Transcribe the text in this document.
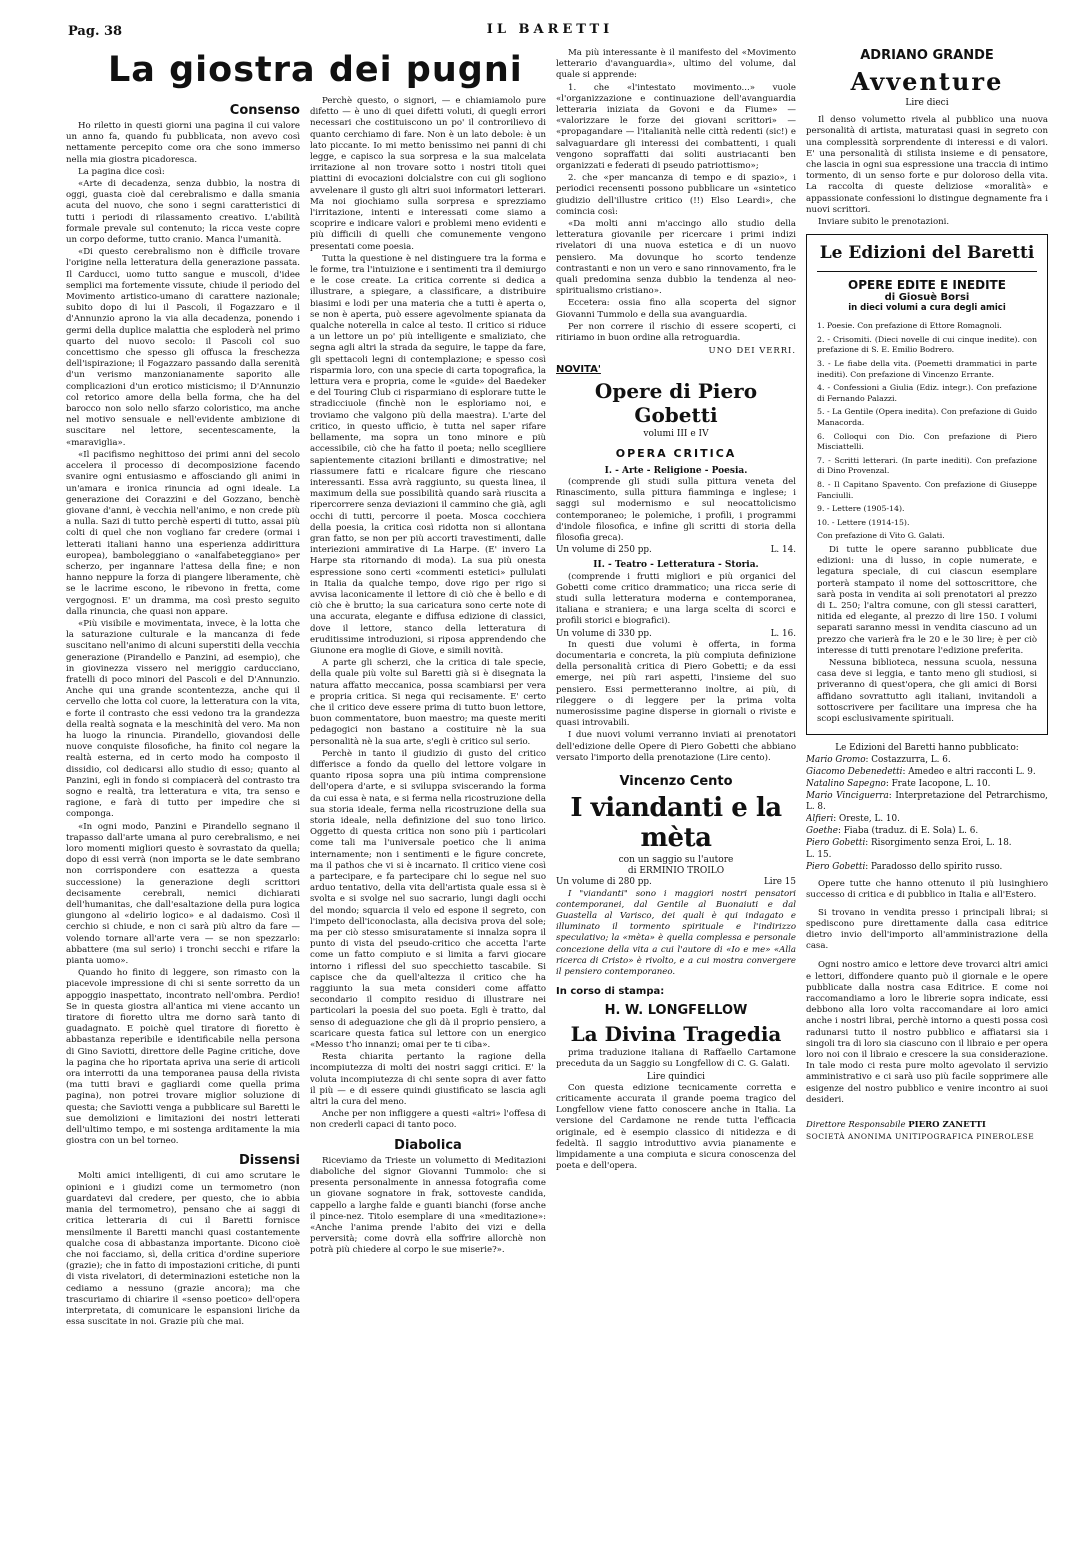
Pag. 38	IL BARETTI
La giostra dei pugni
Consenso

Ho riletto in questi giorni una pagina il cui valore un anno fa, quando fu pubblicata, non avevo così nettamente percepito come ora che sono immerso nella mia giostra picadoresca.

La pagina dice così:

«Arte di decadenza, senza dubbio, la nostra di oggi, guasta cioè dal cerebralismo e dalla smania acuta del nuovo, che sono i segni caratteristici di tutti i periodi di rilassamento creativo. L'abilità formale prevale sul contenuto; la ricca veste copre un corpo deforme, tutto cranio. Manca l'umanità.

«Di questo cerebralismo non è difficile trovare l'origine nella letteratura della generazione passata. Il Carducci, uomo tutto sangue e muscoli, d'idee semplici ma fortemente vissute, chiude il periodo del Movimento artistico-umano di carattere nazionale; subito dopo di lui il Pascoli, il Fogazzaro e il d'Annunzio aprono la via alla decadenza, ponendo i germi della duplice malattia che esploderà nel primo quarto del nuovo secolo: il Pascoli col suo concettismo che spesso gli offusca la freschezza dell'ispirazione; il Fogazzaro passando dalla serenità d'un verismo manzonianamente saporito alle complicazioni d'un erotico misticismo; il D'Annunzio col retorico amore della bella forma, che ha del barocco non solo nello sfarzo coloristico, ma anche nel motivo sensuale e nell'evidente ambizione di suscitare nel lettore, secentescamente, la «maraviglia».

«Il pacifismo neghittoso dei primi anni del secolo accelera il processo di decomposizione facendo svanire ogni entusiasmo e affosciando gli animi in un'amara e ironica rinuncia ad ogni ideale. La generazione dei Corazzini e del Gozzano, benchè giovane d'anni, è vecchia nell'animo, e non crede più a nulla. Sazi di tutto perchè esperti di tutto, assai più colti di quel che non vogliano far credere (ormai i letterati italiani hanno una esperienza addirittura europea), bamboleggiano o «analfabeteggiano» per scherzo, per ingannare l'attesa della fine; e non hanno neppure la forza di piangere liberamente, chè se le lacrime escono, le ribevono in fretta, come vergognosi. E' un dramma, ma così presto seguito dalla rinuncia, che quasi non appare.

«Più visibile e movimentata, invece, è la lotta che la saturazione culturale e la mancanza di fede suscitano nell'animo di alcuni superstiti della vecchia generazione (Pirandello e Panzini, ad esempio), che in giovinezza vissero nel meriggio carducciano, fratelli di poco minori del Pascoli e del D'Annunzio. Anche qui una grande scontentezza, anche qui il cervello che lotta col cuore, la letteratura con la vita, e forte il contrasto che essi vedono tra la grandezza della realtà sognata e la meschinità del vero. Ma non ha luogo la rinuncia. Pirandello, giovandosi delle nuove conquiste filosofiche, ha finito col negare la realtà esterna, ed in certo modo ha composto il dissidio, col dedicarsi allo studio di esso; quanto al Panzini, egli in fondo si compiacerà del contrasto tra sogno e realtà, tra letteratura e vita, tra senso e ragione, e farà di tutto per impedire che si componga.

«In ogni modo, Panzini e Pirandello segnano il trapasso dall'arte umana al puro cerebralismo, e nei loro momenti migliori questo è sovrastato da quella; dopo di essi verrà (non importa se le date sembrano non corrispondere con esattezza a questa successione) la generazione degli scrittori decisamente cerebrali, nemici dichiarati dell'humanitas, che dall'esaltazione della pura logica giungono al «delirio logico» e al dadaismo. Così il cerchio si chiude, e non ci sarà più altro da fare — volendo tornare all'arte vera — se non spezzarlo: abbattere (ma sul serio) i tronchi secchi e rifare la pianta uomo».

Quando ho finito di leggere, son rimasto con la piacevole impressione di chi si sente sorretto da un appoggio inaspettato, incontrato nell'ombra. Perdio! Se in questa giostra all'antica mi viene accanto un tiratore di fioretto ultra me dorno sarà tanto di guadagnato. E poichè quel tiratore di fioretto è abbastanza reperibile e identificabile nella persona di Gino Saviotti, direttore delle Pagine critiche, dove la pagina che ho riportata apriva una serie di articoli ora interrotti da una temporanea pausa della rivista (ma tutti bravi e gagliardi come quella prima pagina), non potrei trovare miglior soluzione di questa; che Saviotti venga a pubblicare sul Baretti le sue demolizioni e limitazioni dei nostri letterati dell'ultimo tempo, e mi sostenga arditamente la mia giostra con un bel torneo.

Dissensi

Molti amici intelligenti, di cui amo scrutare le opinioni e i giudizi come un termometro (non guardatevi dal credere, per questo, che io abbia mania del termometro), pensano che ai saggi di critica letteraria di cui il Baretti fornisce mensilmente il Baretti manchi quasi costantemente qualche cosa di abbastanza importante. Dicono cioè che noi facciamo, sì, della critica d'ordine superiore (grazie); che in fatto di impostazioni critiche, di punti di vista rivelatori, di determinazioni estetiche non la cediamo a nessuno (grazie ancora); ma che trascuriamo di chiarire il «senso poetico» dell'opera interpretata, di comunicare le espansioni liriche da essa suscitate in noi. Grazie più che mai.

Perchè questo, o signori, — e chiamiamolo pure difetto — è uno di quei difetti voluti, di quegli errori necessari che costituiscono un po' il controrilievo di quanto cerchiamo di fare. Non è un lato debole: è un lato piccante. Io mi metto benissimo nei panni di chi legge, e capisco la sua sorpresa e la sua malcelata irritazione al non trovare sotto i nostri titoli quei piattini di evocazioni dolcialstre con cui gli sogliono avvelenare il gusto gli altri suoi informatori letterari. Ma noi giochiamo sulla sorpresa e sprezziamo l'irritazione, intenti e interessati come siamo a scoprire e indicare valori e problemi meno evidenti e più difficili di quelli che comunemente vengono presentati come poesia.

Tutta la questione è nel distinguere tra la forma e le forme, tra l'intuizione e i sentimenti tra il demiurgo e le cose create. La critica corrente si dedica a illustrare, a spiegare, a classificare, a distribuire biasimi e lodi per una materia che a tutti è aperta o, se non è aperta, può essere agevolmente spianata da qualche noterella in calce al testo. Il critico si riduce a un lettore un po' più intelligente e smaliziato, che segna agli altri la strada da seguire, le tappe da fare, gli spettacoli legni di contemplazione; e spesso così risparmia loro, con una specie di carta topografica, la lettura vera e propria, come le «guide» del Baedeker e del Touring Club ci risparmiano di esplorare tutte le stradicciuole (finchè non le esploriamo noi, e troviamo che valgono più della maestra). L'arte del critico, in questo ufficio, è tutta nel saper rifare bellamente, ma sopra un tono minore e più accessibile, ciò che ha fatto il poeta; nello sceglliere sapientemente citazioni brillanti e dimostrative; nel riassumere fatti e ricalcare figure che riescano interessanti. Essa avrà raggiunto, su questa linea, il maximum della sue possibilità quando sarà riuscita a ripercorrere senza deviazioni il cammino che già, agli occhi di tutti, percorre il poeta. Mosca cocchiera della poesia, la critica così ridotta non si allontana gran fatto, se non per più accorti travestimenti, dalle interiezioni ammirative di La Harpe. (E' invero La Harpe sta ritornando di moda). La sua più onesta espressione sono certi «commenti estetici» pullulati in Italia da qualche tempo, dove rigo per rigo si avvisa laconicamente il lettore di ciò che è bello e di ciò che è brutto; la sua caricatura sono certe note di una accurata, elegante e diffusa edizione di classici, dove il lettore, stanco della letteratura di eruditissime introduzioni, si riposa apprendendo che Giunone era moglie di Giove, e simili novità.

A parte gli scherzi, che la critica di tale specie, della quale più volte sul Baretti già si è disegnata la natura affatto meccanica, possa scambiarsi per vera e propria critica. Si nega qui recisamente. E' certo che il critico deve essere prima di tutto buon lettore, buon commentatore, buon maestro; ma queste meriti pedagogici non bastano a costituire nè la sua personalità nè la sua arte, s'egli è critico sul serio.

Perchè in tanto il giudizio di gusto del critico differisce a fondo da quello del lettore volgare in quanto riposa sopra una più intima comprensione dell'opera d'arte, e si sviluppa sviscerando la forma da cui essa è nata, e si ferma nella ricostruzione della sua storia ideale, ferma nella ricostruzione della sua storia ideale, nella definizione del suo tono lirico. Oggetto di questa critica non sono più i particolari come tali ma l'universale poetico che li anima internamente; non i sentimenti e le figure concrete, ma il pathos che vi si è incarnato. Il critico viene così a partecipare, e fa partecipare chi lo segue nel suo arduo tentativo, della vita dell'artista quale essa si è svolta e si svolge nel suo sacrario, lungi dagli occhi del mondo; squarcia il velo ed espone il segreto, con l'impeto dell'iconoclasta, alla decisiva prova del sole; ma per ciò stesso smisuratamente si innalza sopra il punto di vista del pseudo-critico che accetta l'arte come un fatto compiuto e si limita a farvi giocare intorno i riflessi del suo specchietto tascabile. Si capisce che da quell'altezza il critico che ha raggiunto la sua meta consideri come affatto secondario il compito residuo di illustrare nei particolari la poesia del suo poeta. Egli è tratto, dal senso di adeguazione che gli dà il proprio pensiero, a scaricare questa fatica sul lettore con un energico «Messo t'ho innanzi; omai per te ti ciba».

Resta chiarita pertanto la ragione della incompiutezza di molti dei nostri saggi critici. E' la voluta incompiutezza di chi sente sopra di aver fatto il più — e di essere quindi giustificato se lascia agli altri la cura del meno.

Anche per non infliggere a questi «altri» l'offesa di non crederli capaci di tanto poco.

Diabolica

Riceviamo da Trieste un volumetto di Meditazioni diaboliche del signor Giovanni Tummolo: che si presenta personalmente in annessa fotografia come un giovane sognatore in frak, sottoveste candida, cappello a larghe falde e guanti bianchi (forse anche il pince-nez. Titolo esemplare di una «meditazione»: «Anche l'anima prende l'abito dei vizi e della perversità; come dovrà ella soffrire allorchè non potrà più chiedere al corpo le sue miserie?».

Ma più interessante è il manifesto del «Movimento letterario d'avanguardia», ultimo del volume, dal quale si apprende:

1. che «l'intestato movimento...» vuole «l'organizzazione e continuazione dell'avanguardia letteraria iniziata da Govoni e da Fiume» — «valorizzare le forze dei giovani scrittori» — «propagandare — l'italianità nelle città redenti (sic!) e salvaguardare gli interessi dei combattenti, i quali vengono sopraffatti dai soliti austriacanti ben organizzati e federati di pseudo patriottismo»;

2. che «per mancanza di tempo e di spazio», i periodici recensenti possono pubblicare un «sintetico giudizio dell'illustre critico (!!) Elso Leardi», che comincia così:

«Da molti anni m'accingo allo studio della letteratura giovanile per ricercare i primi indizi rivelatori di una nuova estetica e di un nuovo pensiero. Ma dovunque ho scorto tendenze contrastanti e non un vero e sano rinnovamento, fra le quali predomina senza dubbio la tendenza al neo-spiritualismo cristiano».

Eccetera: ossia fino alla scoperta del signor Giovanni Tummolo e della sua avanguardia.

Per non correre il rischio di essere scoperti, ci ritiriamo in buon ordine alla retroguardia.

UNO DEI VERRI.
NOVITA'
Opere di Piero Gobetti
volumi III e IV
OPERA CRITICA
I. - Arte - Religione - Poesia.

(comprende gli studi sulla pittura veneta del Rinascimento, sulla pittura fiamminga e inglese; i saggi sul modernismo e sul neocattolicismo contemporaneo; le polemiche, i profili, i programmi d'indole filosofica, e infine gli scritti di storia della filosofia greca).

Un volume di 250 pp.	L. 14.
II. - Teatro - Letteratura - Storia.

(comprende i frutti migliori e più organici del Gobetti come critico drammatico; una ricca serie di studi sulla letteratura moderna e contemporanea, italiana e straniera; e una larga scelta di scorci e profili storici e biografici).

Un volume di 330 pp.	L. 16.

In questi due volumi è offerta, in forma documentaria e concreta, la più compiuta definizione della personalità critica di Piero Gobetti; e da essi emerge, nei più rari aspetti, l'insieme del suo pensiero. Essi permetteranno inoltre, ai più, di rileggere o di leggere per la prima volta numerosissime pagine disperse in giornali o riviste e quasi introvabili.

I due nuovi volumi verranno inviati ai prenotatori dell'edizione delle Opere di Piero Gobetti che abbiano versato l'importo della prenotazione (Lire cento).

Vincenzo Cento
I viandanti e la mèta
con un saggio su l'autore
di ERMINIO TROILO
Un volume di 280 pp.	Lire 15

I "viandanti" sono i maggiori nostri pensatori contemporanei, dal Gentile al Buonaiuti e dal Guastella al Varisco, dei quali è qui indagato e illuminato il tormento spirituale e l'indirizzo speculativo; la «mèta» è quella complessa e personale concezione della vita a cui l'autore di «Io e me» «Alla ricerca di Cristo» è rivolto, e a cui mostra convergere il pensiero contemporaneo.

In corso di stampa:
H. W. LONGFELLOW
La Divina Tragedia

prima traduzione italiana di Raffaello Cartamone preceduta da un Saggio su Longfellow di C. G. Galati.

Lire quindici

Con questa edizione tecnicamente corretta e criticamente accurata il grande poema tragico del Longfellow viene fatto conoscere anche in Italia. La versione del Cardamone ne rende tutta l'efficacia originale, ed è esempio classico di nitidezza e di fedeltà. Il saggio introduttivo avvia pianamente e limpidamente a una compiuta e sicura conoscenza del poeta e dell'opera.

ADRIANO GRANDE
Avventure
Lire dieci

Il denso volumetto rivela al pubblico una nuova personalità di artista, maturatasi quasi in segreto con una complessità sorprendente di interessi e di valori. E' una personalità di stilista insieme e di pensatore, che lascia in ogni sua espressione una traccia di intimo tormento, di un senso forte e pur doloroso della vita. La raccolta di queste deliziose «moralità» e appassionate confessioni lo distingue degnamente fra i nuovi scrittori.

Inviare subito le prenotazioni.

Le Edizioni del Baretti
OPERE EDITE E INEDITE
di Giosuè Borsi
in dieci volumi a cura degli amici
1. Poesie. Con prefazione di Ettore Romagnoli.
2. - Crisomiti. (Dieci novelle di cui cinque inedite). con prefazione di S. E. Emilio Bodrero.
3. - Le fiabe della vita. (Poemetti drammatici in parte inediti). Con prefazione di Vincenzo Errante.
4. - Confessioni a Giulia (Ediz. integr.). Con prefazione di Fernando Palazzi.
5. - La Gentile (Opera inedita). Con prefazione di Guido Manacorda.
6. Colloqui con Dio. Con prefazione di Piero Misciattelli.
7. - Scritti letterari. (In parte inediti). Con prefazione di Dino Provenzal.
8. - Il Capitano Spavento. Con prefazione di Giuseppe Fanciulli.
9. - Lettere (1905-14).
10. - Lettere (1914-15).
Con prefazione di Vito G. Galati.

Di tutte le opere saranno pubblicate due edizioni: una di lusso, in copie numerate, e legatura speciale, di cui ciascun esemplare porterà stampato il nome del sottoscrittore, che sarà posta in vendita ai soli prenotatori al prezzo di L. 250; l'altra comune, con gli stessi caratteri, nitida ed elegante, al prezzo di lire 150. I volumi separati saranno messi in vendita ciascuno ad un prezzo che varierà fra le 20 e le 30 lire; è per ciò interesse di tutti prenotare l'edizione preferita.

Nessuna biblioteca, nessuna scuola, nessuna casa deve si leggia, e tanto meno gli studiosi, si priveranno di quest'opera, che gli amici di Borsi affidano sovrattutto agli italiani, invitandoli a sottoscrivere per facilitare una impresa che ha scopi esclusivamente spirituali.

Le Edizioni del Baretti hanno pubblicato:
Mario Gromo: Costazzurra, L. 6.
Giacomo Debenedetti: Amedeo e altri racconti L. 9.
Natalino Sapegno: Frate Iacopone, L. 10.
Mario Vinciguerra: Interpretazione del Petrarchismo, L. 8.
Alfieri: Oreste, L. 10.
Goethe: Fiaba (traduz. di E. Sola) L. 6.
Piero Gobetti: Risorgimento senza Eroi, L. 18.
L. 15.
Piero Gobetti: Paradosso dello spirito russo.

Opere tutte che hanno ottenuto il più lusinghiero successo di critica e di pubblico in Italia e all'Estero.

Si trovano in vendita presso i principali librai; si spediscono pure direttamente dalla casa editrice dietro invio dell'importo all'amministrazione della casa.

Ogni nostro amico e lettore deve trovarci altri amici e lettori, diffondere quanto può il giornale e le opere pubblicate dalla nostra casa Editrice. E come noi raccomandiamo a loro le librerie sopra indicate, essi debbono alla loro volta raccomandare ai loro amici anche i nostri librai, perchè intorno a questi possa così radunarsi tutto il nostro pubblico e affiatarsi sia i singoli tra di loro sia ciascuno con il libraio e per opera loro noi con il libraio e crescere la sua considerazione. In tale modo ci resta pure molto agevolato il servizio amministrativo e ci sarà uso più facile sopprimere alle esigenze del nostro pubblico e venire incontro ai suoi desideri.

Direttore Responsabile PIERO ZANETTI
SOCIETÀ ANONIMA UNITIPOGRAFICA PINEROLESE
